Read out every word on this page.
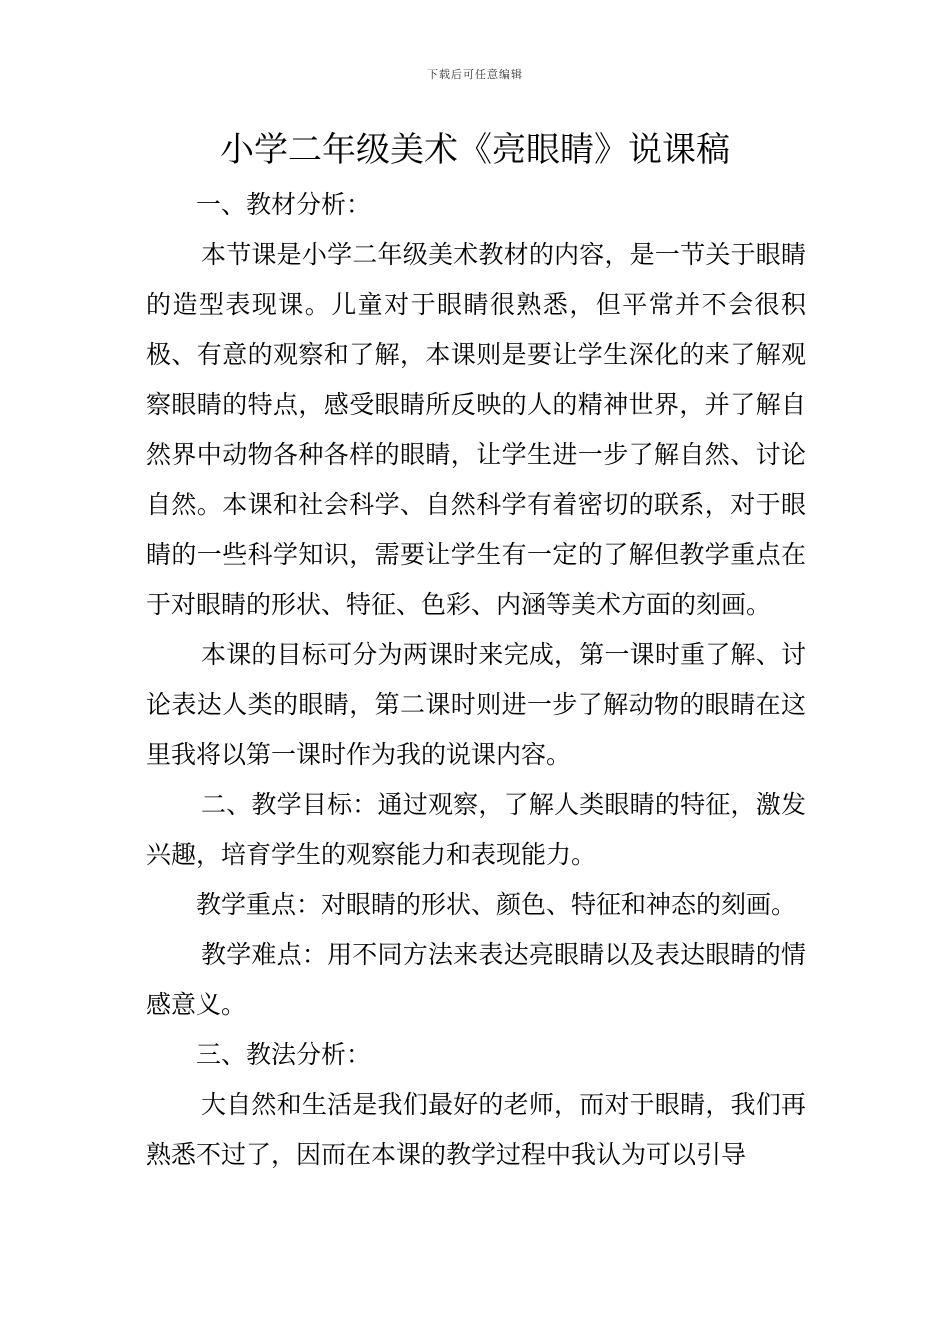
下载后可任意编辑
小学二年级美术《亮眼睛》说课稿

一、教材分析：

本节课是小学二年级美术教材的内容，是一节关于眼睛的造型表现课。儿童对于眼睛很熟悉，但平常并不会很积极、有意的观察和了解，本课则是要让学生深化的来了解观察眼睛的特点，感受眼睛所反映的人的精神世界，并了解自然界中动物各种各样的眼睛，让学生进一步了解自然、讨论自然。本课和社会科学、自然科学有着密切的联系，对于眼睛的一些科学知识，需要让学生有一定的了解但教学重点在于对眼睛的形状、特征、色彩、内涵等美术方面的刻画。

本课的目标可分为两课时来完成，第一课时重了解、讨论表达人类的眼睛，第二课时则进一步了解动物的眼睛在这里我将以第一课时作为我的说课内容。

二、教学目标：通过观察，了解人类眼睛的特征，激发兴趣，培育学生的观察能力和表现能力。

教学重点：对眼睛的形状、颜色、特征和神态的刻画。

教学难点：用不同方法来表达亮眼睛以及表达眼睛的情感意义。

三、教法分析：

大自然和生活是我们最好的老师，而对于眼睛，我们再熟悉不过了，因而在本课的教学过程中我认为可以引导
